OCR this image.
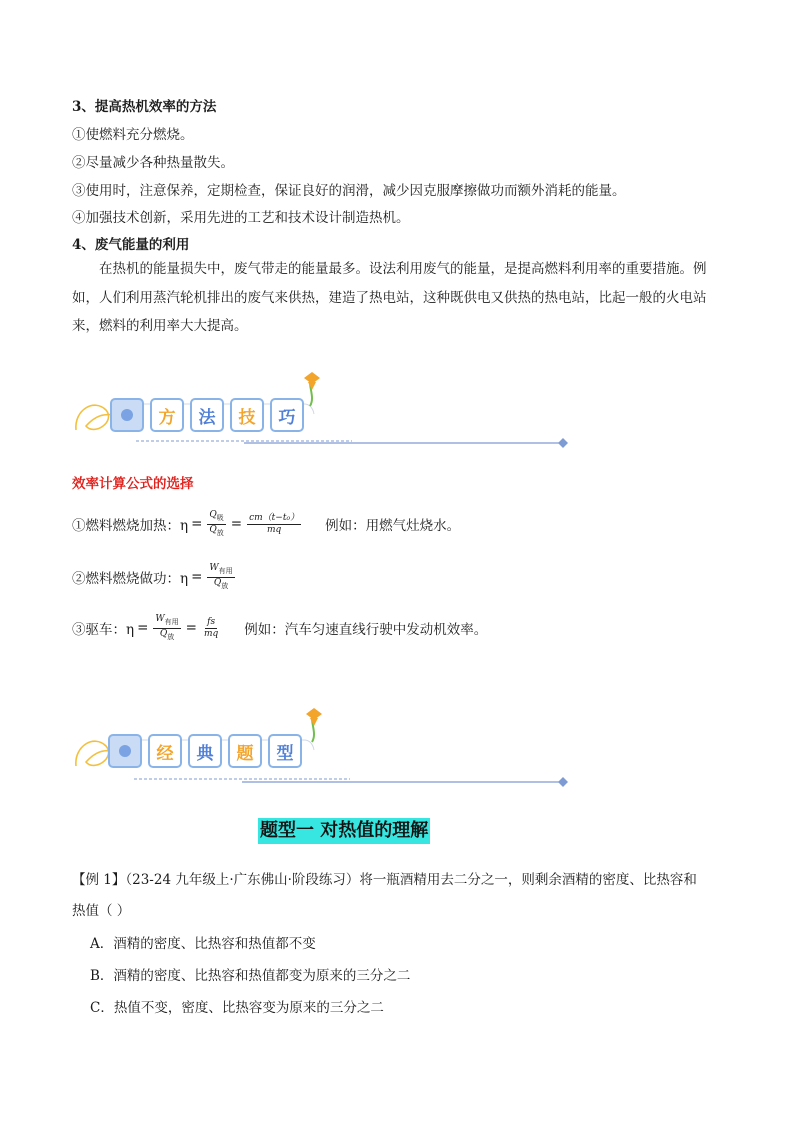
3、提高热机效率的方法
①使燃料充分燃烧。
②尽量减少各种热量散失。
③使用时，注意保养，定期检查，保证良好的润滑，减少因克服摩擦做功而额外消耗的能量。
④加强技术创新，采用先进的工艺和技术设计制造热机。
4、废气能量的利用
在热机的能量损失中，废气带走的能量最多。设法利用废气的能量，是提高燃料利用率的重要措施。例如，人们利用蒸汽轮机排出的废气来供热，建造了热电站，这种既供电又供热的热电站，比起一般的火电站来，燃料的利用率大大提高。
方	法	技	巧
效率计算公式的选择
①燃料燃烧加热：$\eta = \frac{Q_吸}{Q_放} = \frac{\text{cm（t−t₀）}}{mq}$ 例如：用燃气灶烧水。
②燃料燃烧做功：$\eta = \frac{W_{有用}}{Q_放}$
③驱车：$\eta = \frac{W_{有用}}{Q_放} = \frac{fs}{mq}$ 例如：汽车匀速直线行驶中发动机效率。
经	典	题	型
题型一 对热值的理解
【例 1】（23-24 九年级上·广东佛山·阶段练习）将一瓶酒精用去二分之一，则剩余酒精的密度、比热容和
热值（ ）
A．酒精的密度、比热容和热值都不变
B．酒精的密度、比热容和热值都变为原来的三分之二
C．热值不变，密度、比热容变为原来的三分之二
